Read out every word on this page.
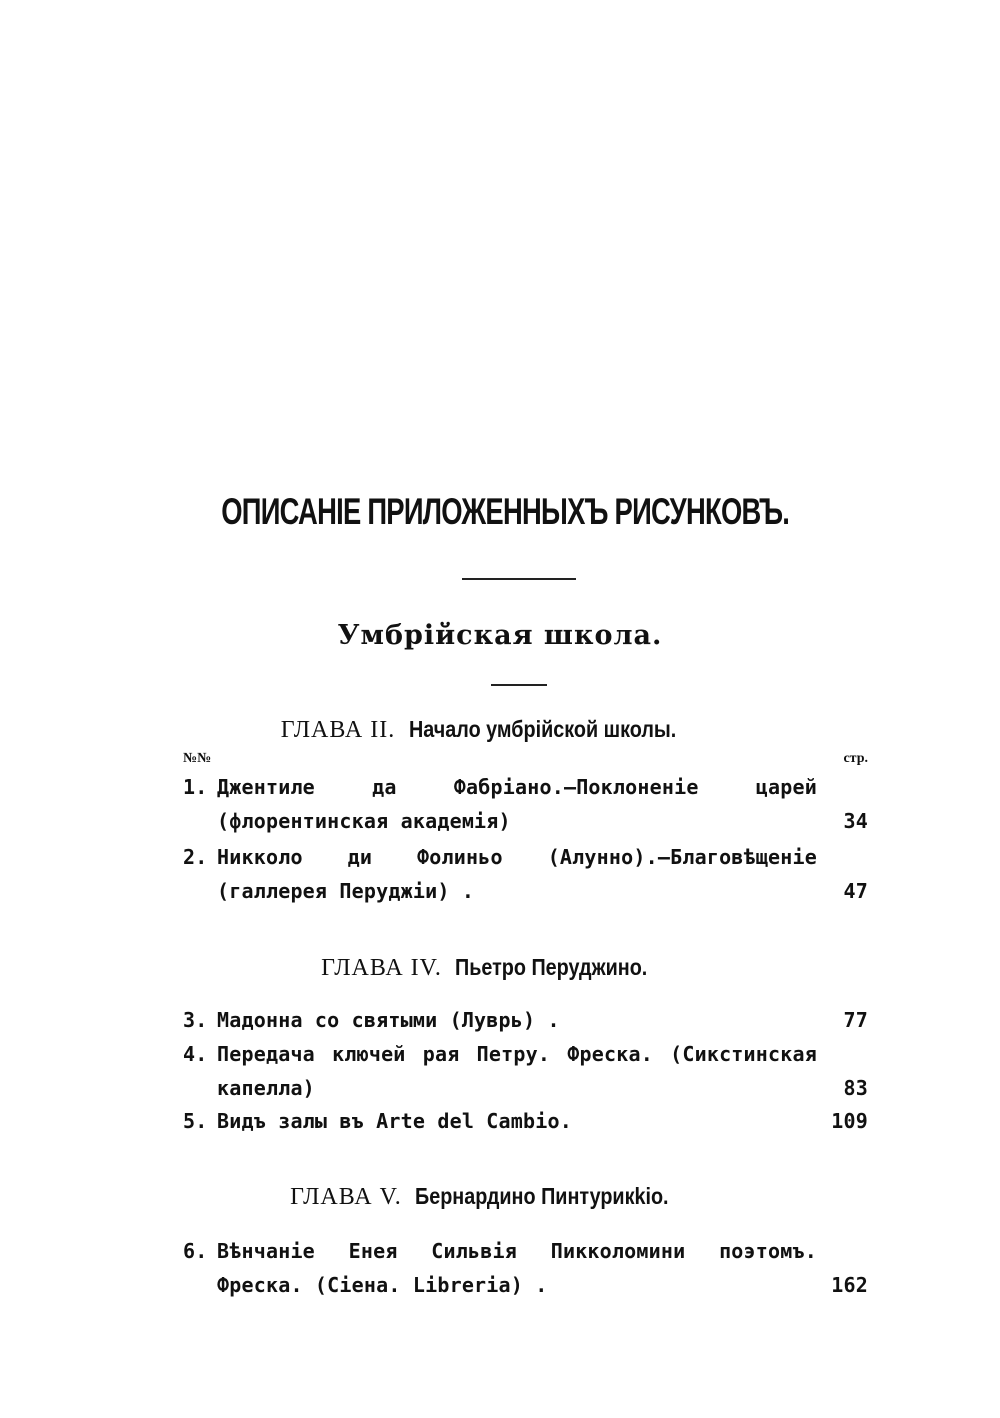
ОПИСАНІЕ ПРИЛОЖЕННЫХЪ РИСУНКОВЪ.
Умбрійская школа.
ГЛАВА II. Начало умбрійской школы.
№№	стр.
1. Джентиле да Фабріано.—Поклоненіе царей (флорентинская академія)	34
2. Никколо ди Фолиньо (Алунно).—Благовѣщеніе (галлерея Перуджіи) .	47
ГЛАВА IV. Пьетро Перуджино.
3. Мадонна со святыми (Луврь) .	77
4. Передача ключей рая Петру. Фреска. (Сикстинская капелла)	83
5. Видъ залы въ Arte del Cambio.	109
ГЛАВА V. Бернардино Пинтурикkio.
6. Вѣнчаніе Енея Сильвія Пикколомини поэтомъ. Фреска. (Сіена. Libreria) .	162
